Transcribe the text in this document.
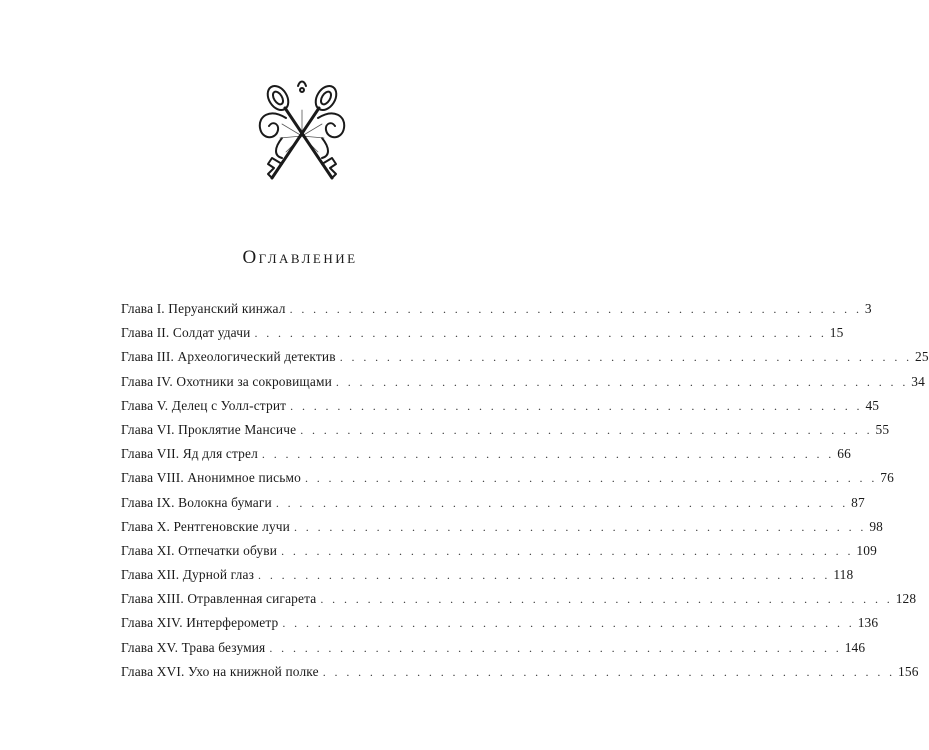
Оглавление
Глава I. Перуанский кинжал . . . . . . . . . . . . . . . . . . . . . . . . . . . . . . . . . . . . . . . . . . . . . . . . . 3
Глава II. Солдат удачи . . . . . . . . . . . . . . . . . . . . . . . . . . . . . . . . . . . . . . . . . . . . . . . . . 15
Глава III. Археологический детектив . . . . . . . . . . . . . . . . . . . . . . . . . . . . . . . . . . . . . . . . . . . . . . . . . 25
Глава IV. Охотники за сокровищами . . . . . . . . . . . . . . . . . . . . . . . . . . . . . . . . . . . . . . . . . . . . . . . . . 34
Глава V. Делец с Уолл-стрит . . . . . . . . . . . . . . . . . . . . . . . . . . . . . . . . . . . . . . . . . . . . . . . . . 45
Глава VI. Проклятие Мансиче . . . . . . . . . . . . . . . . . . . . . . . . . . . . . . . . . . . . . . . . . . . . . . . . . 55
Глава VII. Яд для стрел . . . . . . . . . . . . . . . . . . . . . . . . . . . . . . . . . . . . . . . . . . . . . . . . . 66
Глава VIII. Анонимное письмо . . . . . . . . . . . . . . . . . . . . . . . . . . . . . . . . . . . . . . . . . . . . . . . . . 76
Глава IX. Волокна бумаги . . . . . . . . . . . . . . . . . . . . . . . . . . . . . . . . . . . . . . . . . . . . . . . . . 87
Глава X. Рентгеновские лучи . . . . . . . . . . . . . . . . . . . . . . . . . . . . . . . . . . . . . . . . . . . . . . . . . 98
Глава XI. Отпечатки обуви . . . . . . . . . . . . . . . . . . . . . . . . . . . . . . . . . . . . . . . . . . . . . . . . . 109
Глава XII. Дурной глаз . . . . . . . . . . . . . . . . . . . . . . . . . . . . . . . . . . . . . . . . . . . . . . . . . 118
Глава XIII. Отравленная сигарета . . . . . . . . . . . . . . . . . . . . . . . . . . . . . . . . . . . . . . . . . . . . . . . . . 128
Глава XIV. Интерферометр . . . . . . . . . . . . . . . . . . . . . . . . . . . . . . . . . . . . . . . . . . . . . . . . . 136
Глава XV. Трава безумия . . . . . . . . . . . . . . . . . . . . . . . . . . . . . . . . . . . . . . . . . . . . . . . . . 146
Глава XVI. Ухо на книжной полке . . . . . . . . . . . . . . . . . . . . . . . . . . . . . . . . . . . . . . . . . . . . . . . . . 156
